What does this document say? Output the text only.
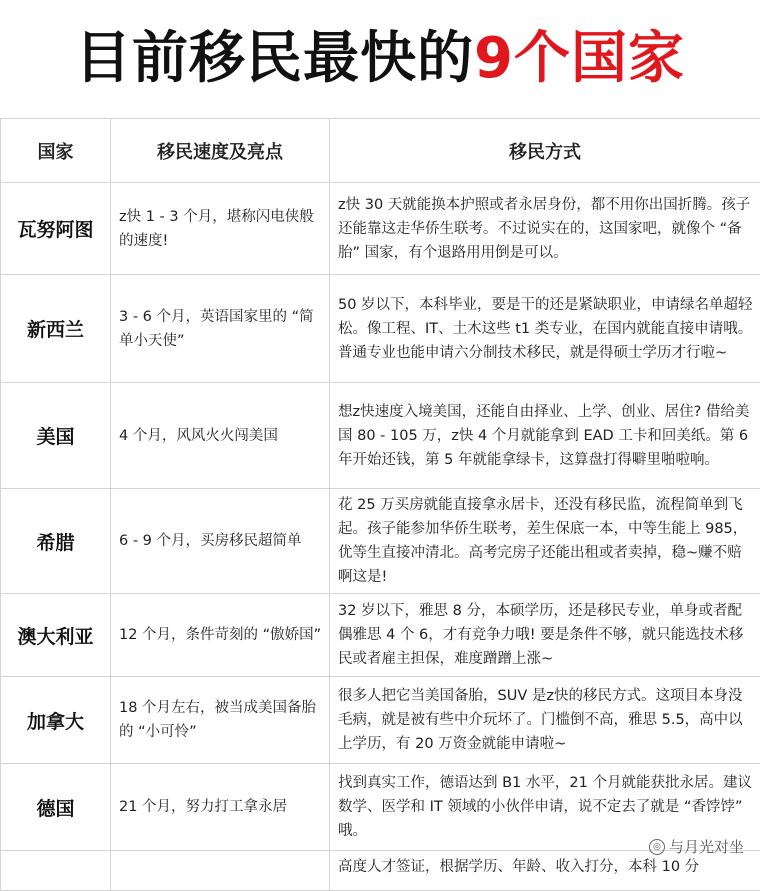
目前移民最快的9个国家
国家	移民速度及亮点	移民方式
瓦努阿图	z快 1 - 3 个月，堪称闪电侠般的速度!	z快 30 天就能换本护照或者永居身份，都不用你出国折腾。孩子还能靠这走华侨生联考。不过说实在的，这国家吧，就像个 “备胎” 国家，有个退路用用倒是可以。
新西兰	3 - 6 个月，英语国家里的 “简单小天使”	50 岁以下，本科毕业，要是干的还是紧缺职业，申请绿名单超轻松。像工程、IT、土木这些 t1 类专业，在国内就能直接申请哦。普通专业也能申请六分制技术移民，就是得硕士学历才行啦~
美国	4 个月，风风火火闯美国	想z快速度入境美国，还能自由择业、上学、创业、居住? 借给美国 80 - 105 万，z快 4 个月就能拿到 EAD 工卡和回美纸。第 6 年开始还钱，第 5 年就能拿绿卡，这算盘打得噼里啪啦响。
希腊	6 - 9 个月，买房移民超简单	花 25 万买房就能直接拿永居卡，还没有移民监，流程简单到飞起。孩子能参加华侨生联考，差生保底一本，中等生能上 985，优等生直接冲清北。高考完房子还能出租或者卖掉，稳~赚不赔啊这是!
澳大利亚	12 个月，条件苛刻的 “傲娇国”	32 岁以下，雅思 8 分，本硕学历，还是移民专业，单身或者配偶雅思 4 个 6，才有竞争力哦! 要是条件不够，就只能选技术移民或者雇主担保，难度蹭蹭上涨~
加拿大	18 个月左右，被当成美国备胎的 “小可怜”	很多人把它当美国备胎，SUV 是z快的移民方式。这项目本身没毛病，就是被有些中介玩坏了。门槛倒不高，雅思 5.5，高中以上学历，有 20 万资金就能申请啦~
德国	21 个月，努力打工拿永居	找到真实工作，德语达到 B1 水平，21 个月就能获批永居。建议数学、医学和 IT 领域的小伙伴申请，说不定去了就是 “香饽饽” 哦。
		高度人才签证，根据学历、年龄、收入打分，本科 10 分
◎ 与月光对坐
